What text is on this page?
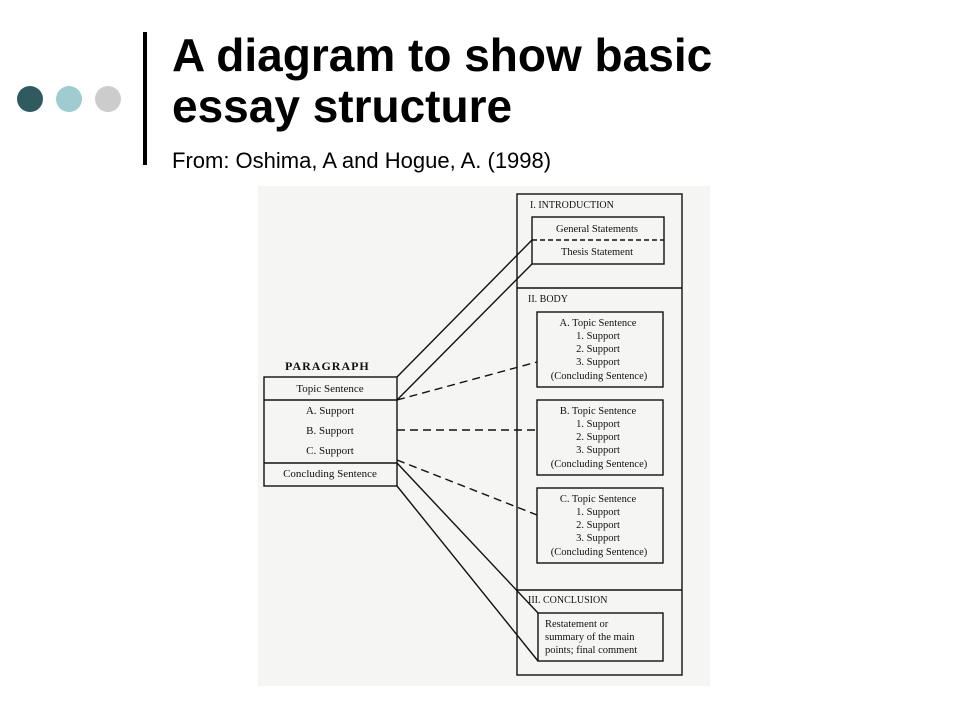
A diagram to show basic
essay structure
From: Oshima, A and Hogue, A. (1998)
PARAGRAPH
Topic Sentence
A. Support
B. Support
C. Support
Concluding Sentence
I. INTRODUCTION
General Statements
Thesis Statement
II. BODY
A. Topic Sentence
1. Support
2. Support
3. Support
(Concluding Sentence)
B. Topic Sentence
1. Support
2. Support
3. Support
(Concluding Sentence)
C. Topic Sentence
1. Support
2. Support
3. Support
(Concluding Sentence)
III. CONCLUSION
Restatement or
summary of the main
points; final comment
